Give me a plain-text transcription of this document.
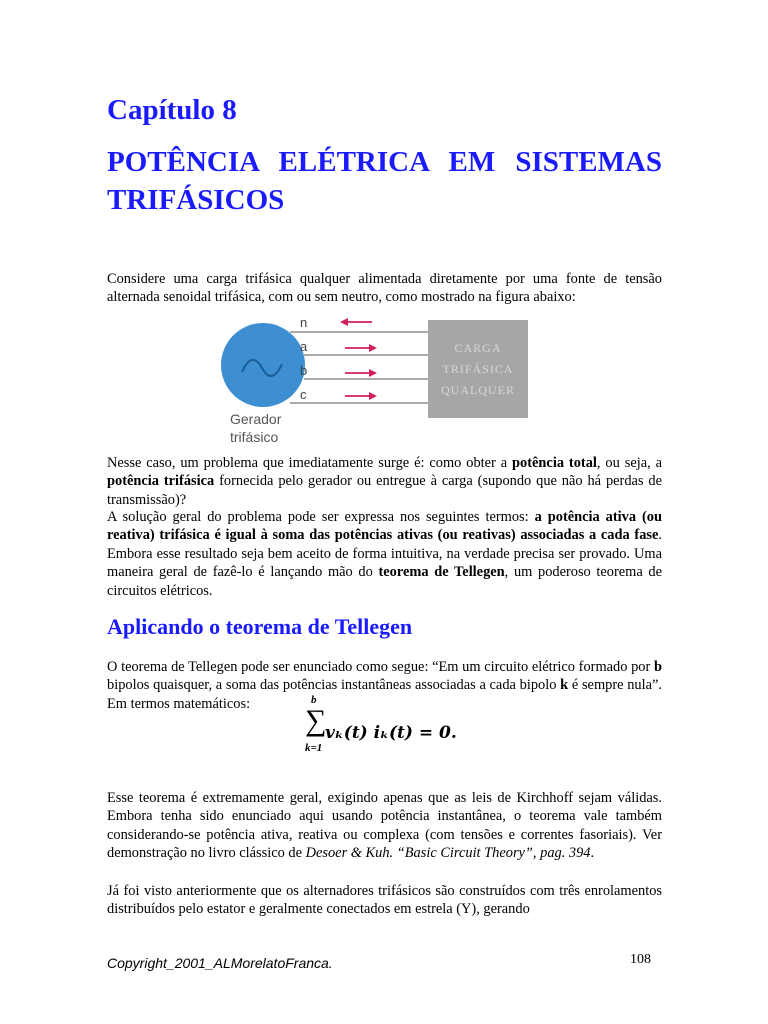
Capítulo 8
POTÊNCIA ELÉTRICA EM SISTEMAS TRIFÁSICOS

Considere uma carga trifásica qualquer alimentada diretamente por uma fonte de tensão alternada senoidal trifásica, com ou sem neutro, como mostrado na figura abaixo:

n
a
b
c
CARGA
TRIFÁSICA
QUALQUER
Gerador
trifásico

Nesse caso, um problema que imediatamente surge é: como obter a potência total, ou seja, a potência trifásica fornecida pelo gerador ou entregue à carga (supondo que não há perdas de transmissão)?

A solução geral do problema pode ser expressa nos seguintes termos: a potência ativa (ou reativa) trifásica é igual à soma das potências ativas (ou reativas) associadas a cada fase. Embora esse resultado seja bem aceito de forma intuitiva, na verdade precisa ser provado. Uma maneira geral de fazê-lo é lançando mão do teorema de Tellegen, um poderoso teorema de circuitos elétricos.

Aplicando o teorema de Tellegen

O teorema de Tellegen pode ser enunciado como segue: “Em um circuito elétrico formado por b bipolos quaisquer, a soma das potências instantâneas associadas a cada bipolo k é sempre nula”. Em termos matemáticos:	b
∑
k=1
vₖ(t) iₖ(t) = 0.

Esse teorema é extremamente geral, exigindo apenas que as leis de Kirchhoff sejam válidas. Embora tenha sido enunciado aqui usando potência instantânea, o teorema vale também considerando-se potência ativa, reativa ou complexa (com tensões e correntes fasoriais). Ver demonstração no livro clássico de Desoer & Kuh. “Basic Circuit Theory”, pag. 394.

Já foi visto anteriormente que os alternadores trifásicos são construídos com três enrolamentos distribuídos pelo estator e geralmente conectados em estrela (Y), gerando

Copyright_2001_ALMorelatoFranca.	108
